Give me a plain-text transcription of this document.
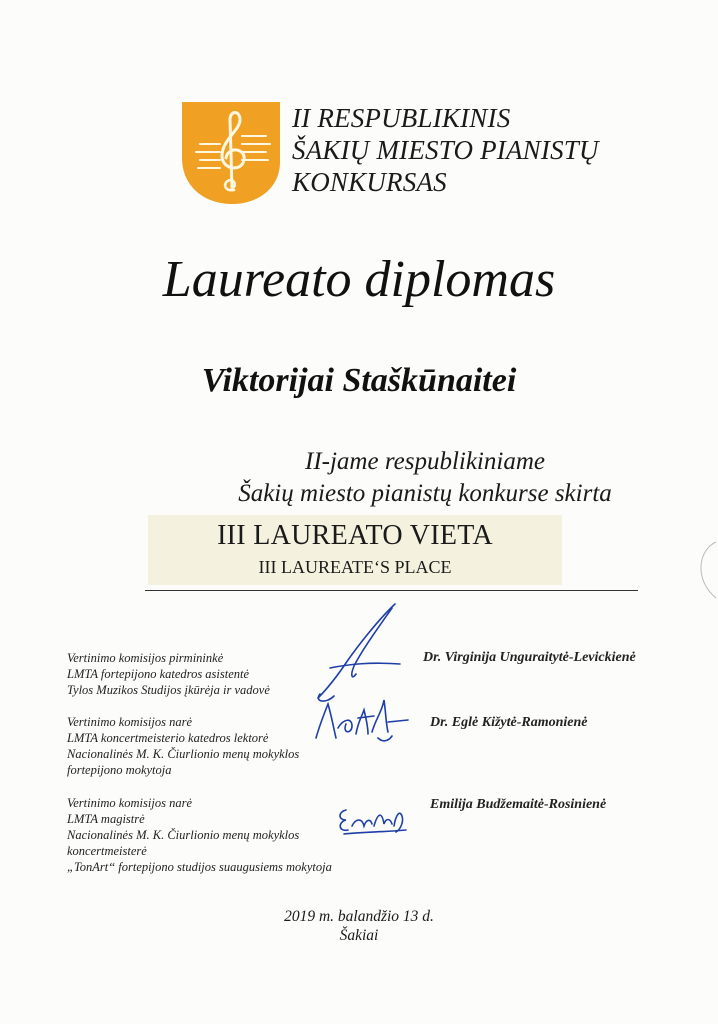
II RESPUBLIKINIS
ŠAKIŲ MIESTO PIANISTŲ
KONKURSAS
Laureato diplomas
Viktorijai Staškūnaitei
II-jame respublikiniame
Šakių miesto pianistų konkurse skirta
III LAUREATO VIETA
III LAUREATE‘S PLACE
Vertinimo komisijos pirmininkė
LMTA fortepijono katedros asistentė
Tylos Muzikos Studijos įkūrėja ir vadovė
Dr. Virginija Unguraitytė-Levickienė
Vertinimo komisijos narė
LMTA koncertmeisterio katedros lektorė
Nacionalinės M. K. Čiurlionio menų mokyklos
fortepijono mokytoja
Dr. Eglė Kižytė-Ramonienė
Vertinimo komisijos narė
LMTA magistrė
Nacionalinės M. K. Čiurlionio menų mokyklos
koncertmeisterė
„TonArt“ fortepijono studijos suaugusiems mokytoja
Emilija Budžemaitė-Rosinienė
2019 m. balandžio 13 d.
Šakiai
